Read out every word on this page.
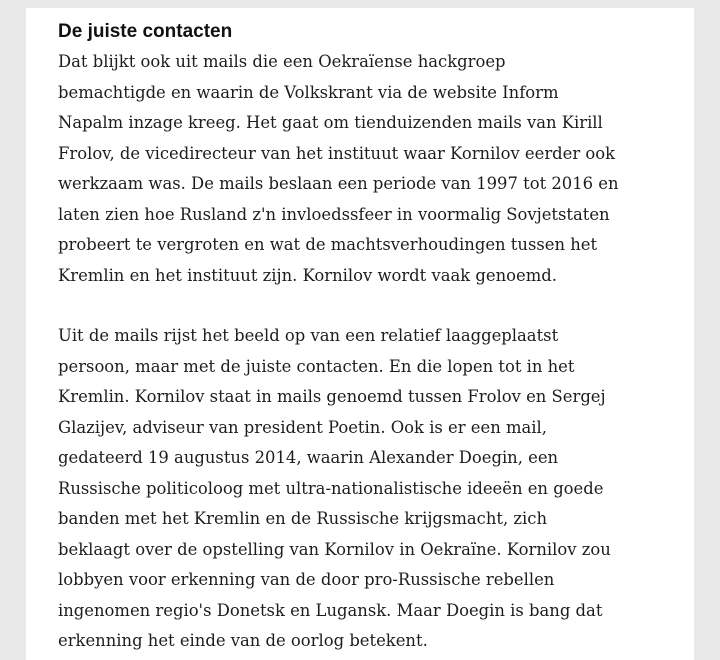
De juiste contacten

Dat blijkt ook uit mails die een Oekraïense hackgroep
bemachtigde en waarin de Volkskrant via de website Inform
Napalm inzage kreeg. Het gaat om tienduizenden mails van Kirill
Frolov, de vicedirecteur van het instituut waar Kornilov eerder ook
werkzaam was. De mails beslaan een periode van 1997 tot 2016 en
laten zien hoe Rusland z'n invloedssfeer in voormalig Sovjetstaten
probeert te vergroten en wat de machtsverhoudingen tussen het
Kremlin en het instituut zijn. Kornilov wordt vaak genoemd.

Uit de mails rijst het beeld op van een relatief laaggeplaatst
persoon, maar met de juiste contacten. En die lopen tot in het
Kremlin. Kornilov staat in mails genoemd tussen Frolov en Sergej
Glazijev, adviseur van president Poetin. Ook is er een mail,
gedateerd 19 augustus 2014, waarin Alexander Doegin, een
Russische politicoloog met ultra-nationalistische ideeën en goede
banden met het Kremlin en de Russische krijgsmacht, zich
beklaagt over de opstelling van Kornilov in Oekraïne. Kornilov zou
lobbyen voor erkenning van de door pro-Russische rebellen
ingenomen regio's Donetsk en Lugansk. Maar Doegin is bang dat
erkenning het einde van de oorlog betekent.
